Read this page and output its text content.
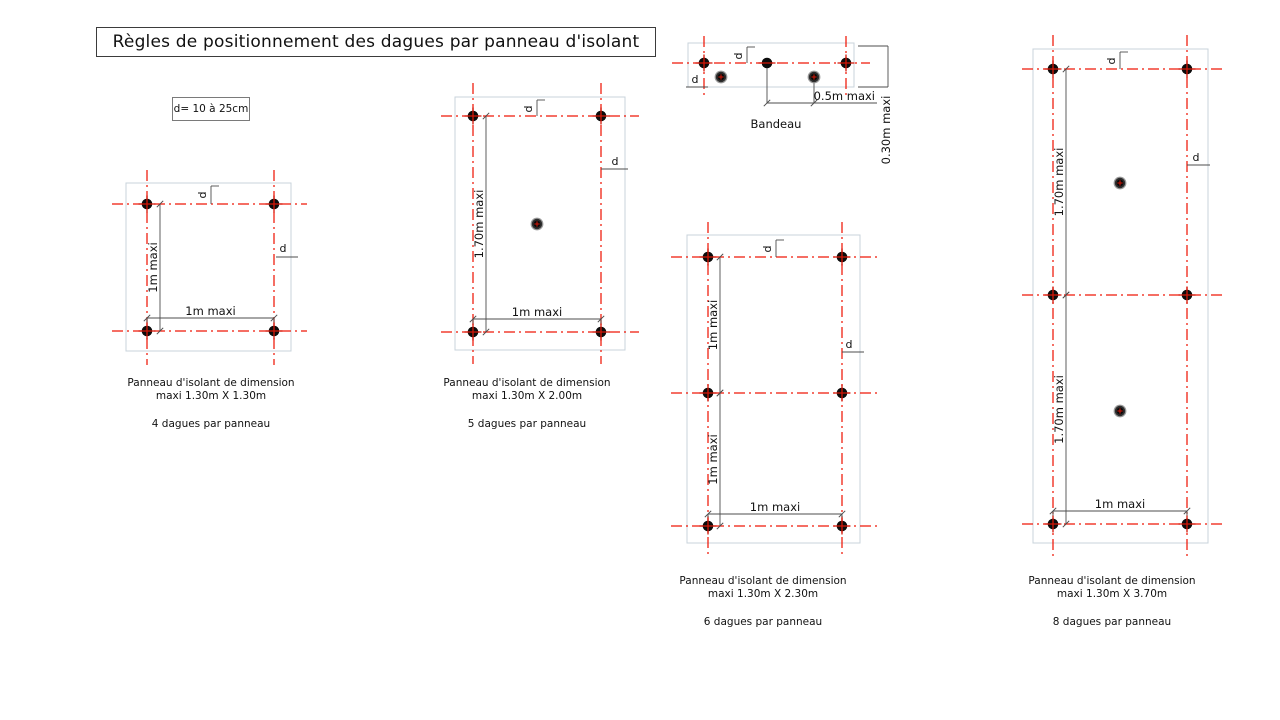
1m maxi
1m maxi
d
d	1.70m maxi
1m maxi
d
d
1m maxi
1m maxi
1m maxi
d
d
1.70m maxi
1.70m maxi
1m maxi
d
d
d
d
0.5m maxi 0.30m maxi
Règles de positionnement des dagues par panneau d'isolant
d= 10 à 25cm
Panneau d'isolant de dimension
maxi 1.30m X 1.30m
4 dagues par panneau
Panneau d'isolant de dimension
maxi 1.30m X 2.00m
5 dagues par panneau
Panneau d'isolant de dimension
maxi 1.30m X 2.30m
6 dagues par panneau
Panneau d'isolant de dimension
maxi 1.30m X 3.70m
8 dagues par panneau
Bandeau
